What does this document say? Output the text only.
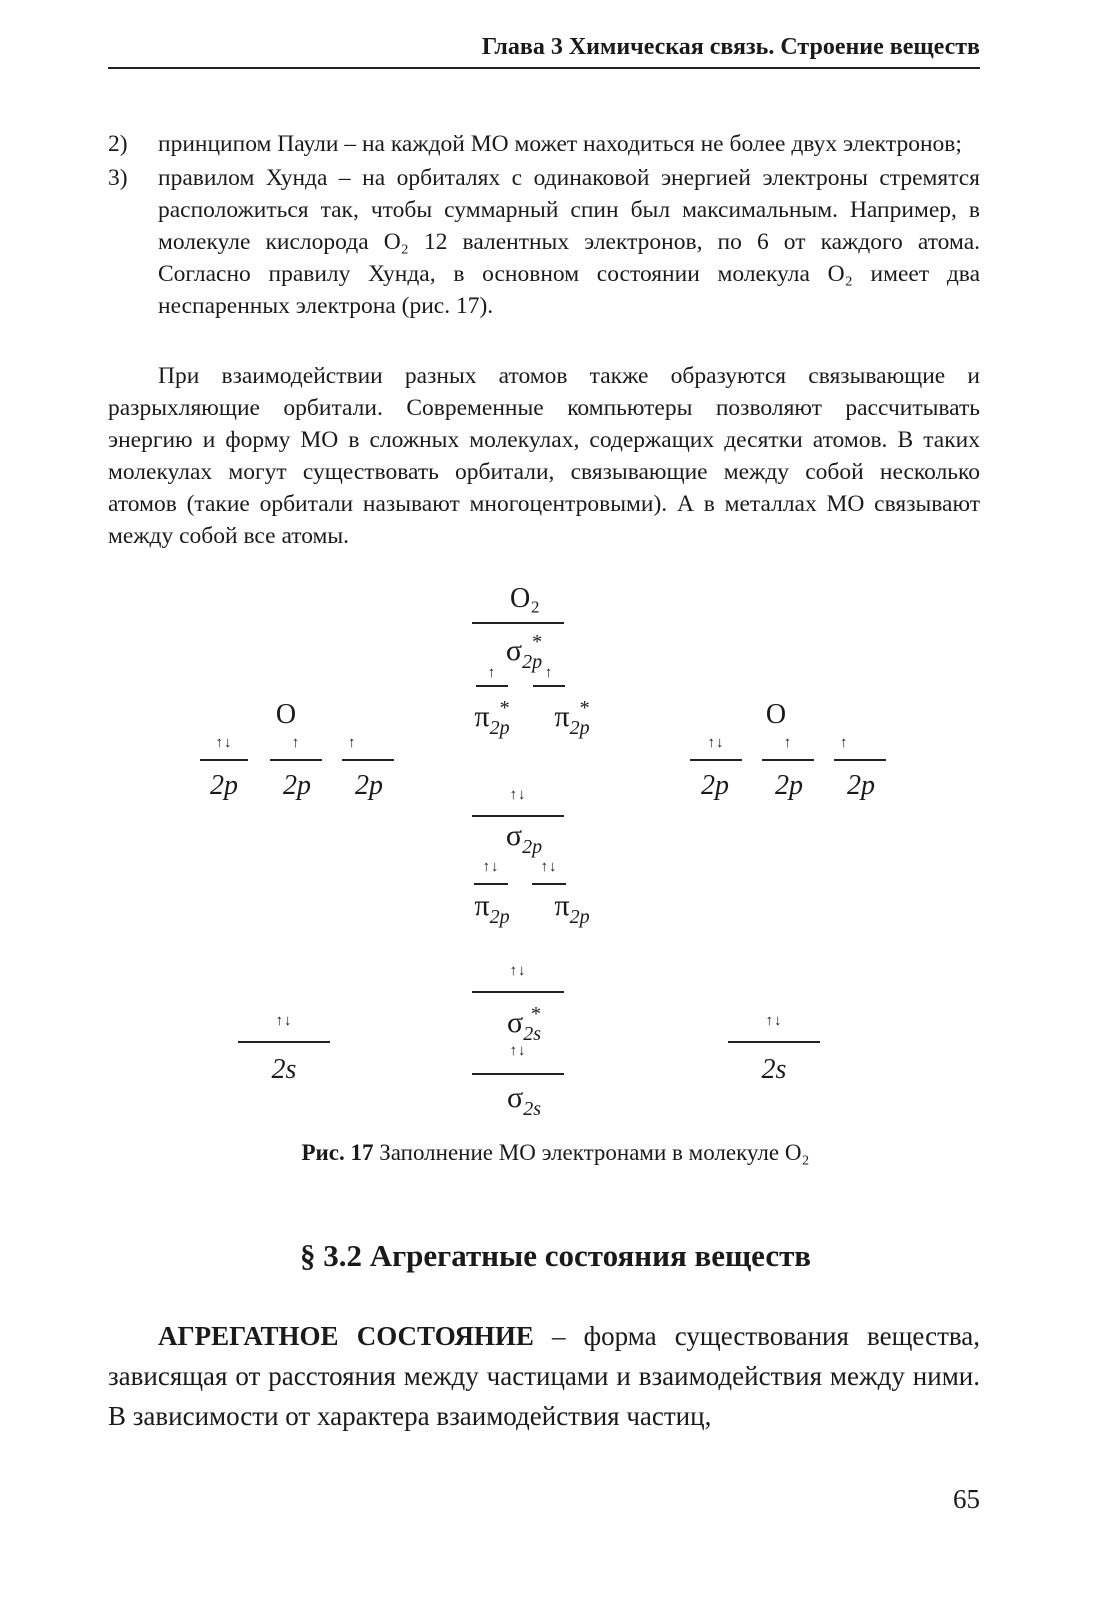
Глава 3 Химическая связь. Строение веществ
2)	принципом Паули – на каждой МО может находиться не более двух электронов;
3)	правилом Хунда – на орбиталях с одинаковой энергией электроны стремятся расположиться так, чтобы суммарный спин был максимальным. Например, в молекуле кислорода O₂ 12 валентных электронов, по 6 от каждого атома. Согласно правилу Хунда, в основном состоянии молекула O₂ имеет два неспаренных электрона (рис. 17).
При взаимодействии разных атомов также образуются связывающие и разрыхляющие орбитали. Современные компьютеры позволяют рассчитывать энергию и форму МО в сложных молекулах, содержащих десятки атомов. В таких молекулах могут существовать орбитали, связывающие между собой несколько атомов (такие орбитали называют многоцентровыми). А в металлах МО связывают между собой все атомы.
O₂
$\sigma_{2p}^*$
↑	↑
$\pi_{2p}^*$	$\pi_{2p}^*$
O
↑↓	↑	↑
2p	2p	2p
O
↑↓	↑	↑
2p	2p	2p
↑↓
$\sigma_{2p}$
↑↓	↑↓
$\pi_{2p}$	$\pi_{2p}$
↑↓
$\sigma_{2s}^*$
↑↓
$\sigma_{2s}$
↑↓
2s
↑↓
2s
Рис. 17 Заполнение МО электронами в молекуле O₂
§ 3.2 Агрегатные состояния веществ
АГРЕГАТНОЕ СОСТОЯНИЕ – форма существования вещества, зависящая от расстояния между частицами и взаимодействия между ними. В зависимости от характера взаимодействия частиц,
65
